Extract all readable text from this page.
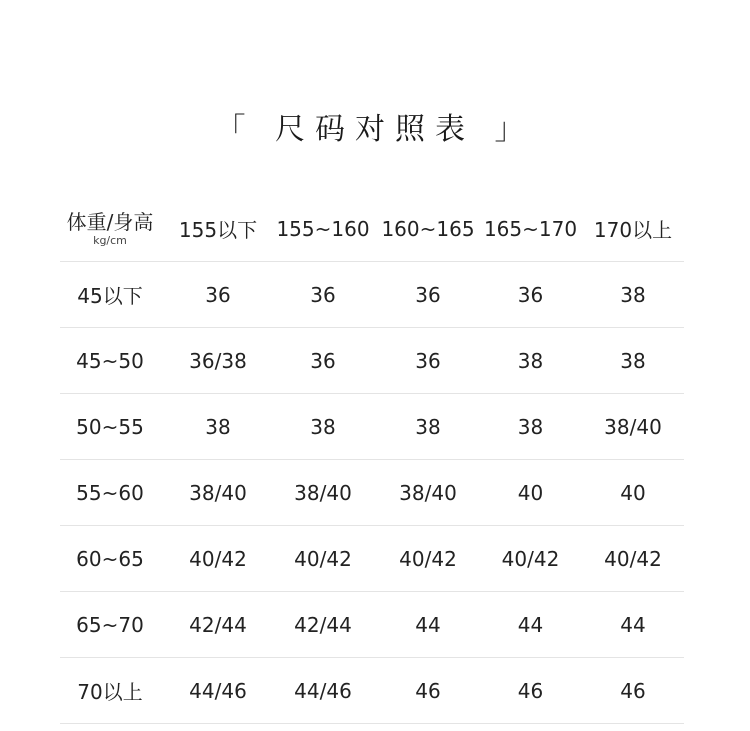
「 尺码对照表 」
体重/身高
kg/cm	155以下 155~160 160~165 165~170 170以上
45以下	36	36	36	36	38
45~50	36/38	36	36	38	38
50~55	38	38	38	38	38/40
55~60	38/40	38/40	38/40	40	40
60~65	40/42	40/42	40/42	40/42	40/42
65~70	42/44	42/44	44	44	44
70以上	44/46	44/46	46	46	46
